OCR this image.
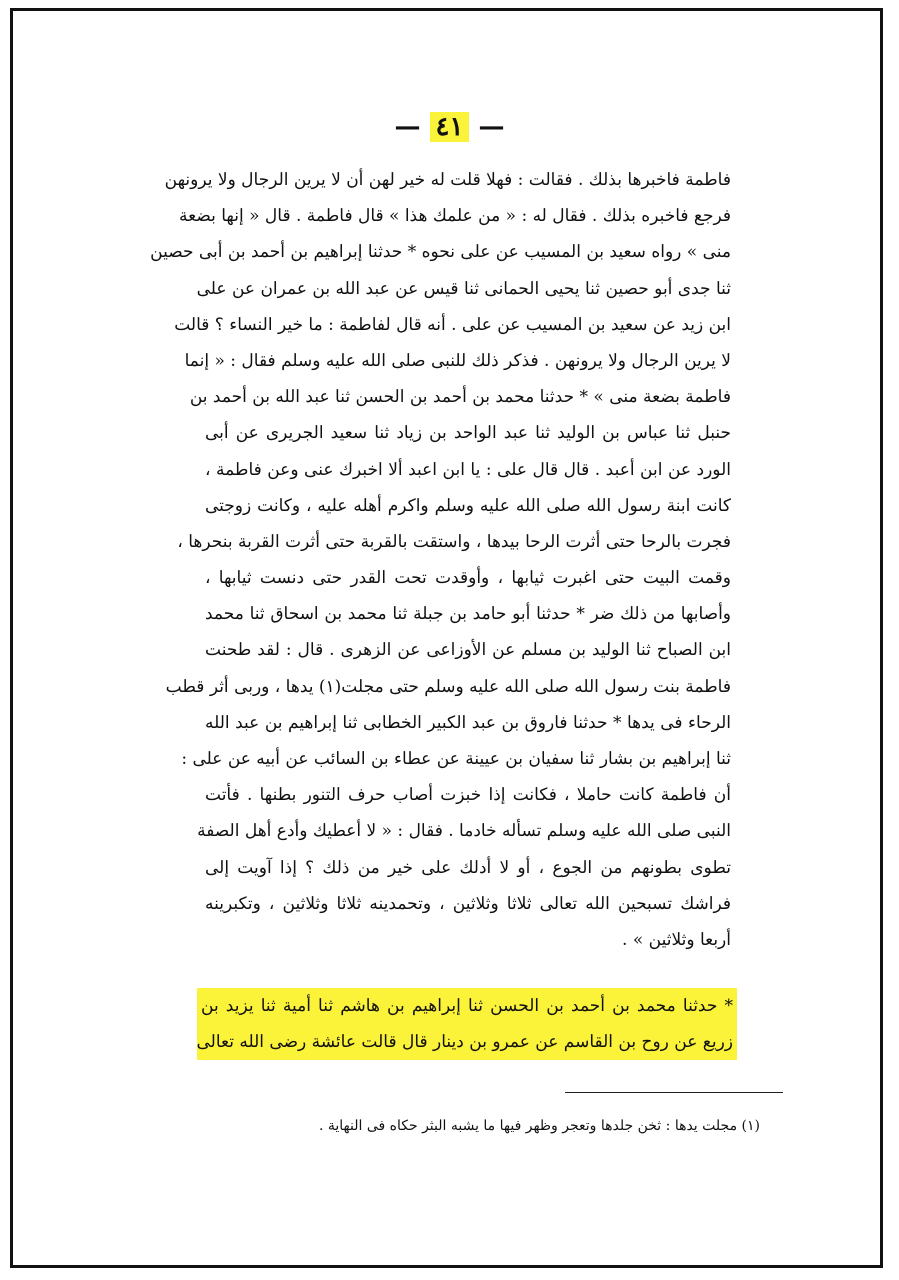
— ٤١ —
فاطمة فاخبرها بذلك . فقالت : فهلا قلت له خير لهن أن لا يرين الرجال ولا يرونهن
فرجع فاخبره بذلك . فقال له : « من علمك هذا » قال فاطمة . قال « إنها بضعة
منى » رواه سعيد بن المسيب عن على نحوه * حدثنا إبراهيم بن أحمد بن أبى حصين
ثنا جدى أبو حصين ثنا يحيى الحمانى ثنا قيس عن عبد الله بن عمران عن على
ابن زيد عن سعيد بن المسيب عن على . أنه قال لفاطمة : ما خير النساء ؟ قالت
لا يرين الرجال ولا يرونهن . فذكر ذلك للنبى صلى الله عليه وسلم فقال : « إنما
فاطمة بضعة منى » * حدثنا محمد بن أحمد بن الحسن ثنا عبد الله بن أحمد بن
حنبل ثنا عباس بن الوليد ثنا عبد الواحد بن زياد ثنا سعيد الجريرى عن أبى
الورد عن ابن أعبد . قال قال على : يا ابن اعبد ألا اخبرك عنى وعن فاطمة ،
كانت ابنة رسول الله صلى الله عليه وسلم واكرم أهله عليه ، وكانت زوجتى
فجرت بالرحا حتى أثرت الرحا بيدها ، واستقت بالقربة حتى أثرت القربة بنحرها ،
وقمت البيت حتى اغبرت ثيابها ، وأوقدت تحت القدر حتى دنست ثيابها ،
وأصابها من ذلك ضر * حدثنا أبو حامد بن جبلة ثنا محمد بن اسحاق ثنا محمد
ابن الصباح ثنا الوليد بن مسلم عن الأوزاعى عن الزهرى . قال : لقد طحنت
فاطمة بنت رسول الله صلى الله عليه وسلم حتى مجلت(١) يدها ، وربى أثر قطب
الرحاء فى يدها * حدثنا فاروق بن عبد الكبير الخطابى ثنا إبراهيم بن عبد الله
ثنا إبراهيم بن بشار ثنا سفيان بن عيينة عن عطاء بن السائب عن أبيه عن على :
أن فاطمة كانت حاملا ، فكانت إذا خبزت أصاب حرف التنور بطنها . فأتت
النبى صلى الله عليه وسلم تسأله خادما . فقال : « لا أعطيك وأدع أهل الصفة
تطوى بطونهم من الجوع ، أو لا أدلك على خير من ذلك ؟ إذا آويت إلى
فراشك تسبحين الله تعالى ثلاثا وثلاثين ، وتحمدينه ثلاثا وثلاثين ، وتكبرينه
أربعا وثلاثين » .
* حدثنا محمد بن أحمد بن الحسن ثنا إبراهيم بن هاشم ثنا أمية ثنا يزيد بن
زريع عن روح بن القاسم عن عمرو بن دينار قال قالت عائشة رضى الله تعالى
(١) مجلت يدها : ثخن جلدها وتعجر وظهر فيها ما يشبه البثر حكاه فى النهاية .
